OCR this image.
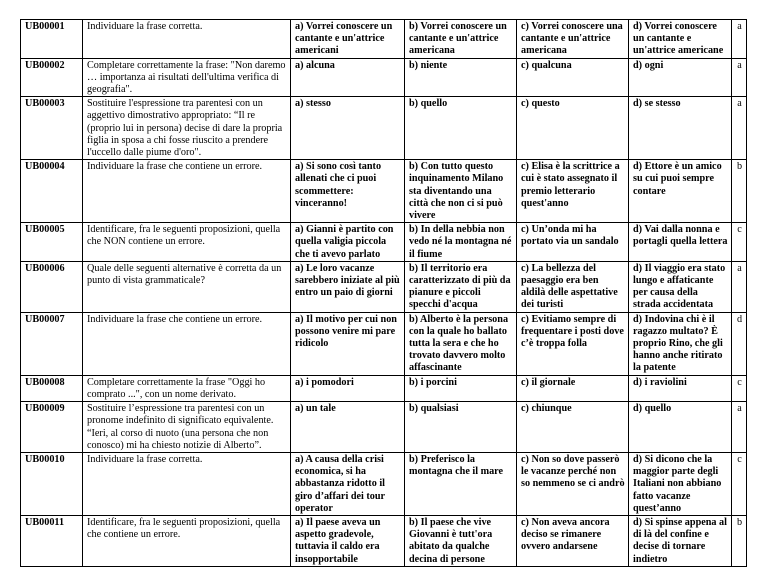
UB00001	Individuare la frase corretta.	a) Vorrei conoscere un cantante e un'attrice americani	b) Vorrei conoscere un cantante e un'attrice americana	c) Vorrei conoscere una cantante e un'attrice americana	d) Vorrei conoscere un cantante e un'attrice americane	a
UB00002	Completare correttamente la frase: "Non daremo … importanza ai risultati dell'ultima verifica di geografia".	a) alcuna	b) niente	c) qualcuna	d) ogni	a
UB00003	Sostituire l'espressione tra parentesi con un aggettivo dimostrativo appropriato: “Il re (proprio lui in persona) decise di dare la propria figlia in sposa a chi fosse riuscito a prendere l'uccello dalle piume d'oro".	a) stesso	b) quello	c) questo	d) se stesso	a
UB00004	Individuare la frase che contiene un errore.	a) Si sono così tanto allenati che ci puoi scommettere: vinceranno!	b) Con tutto questo inquinamento Milano sta diventando una città che non ci si può vivere	c) Elisa è la scrittrice a cui è stato assegnato il premio letterario quest'anno	d) Ettore è un amico su cui puoi sempre contare	b
UB00005	Identificare, fra le seguenti proposizioni, quella che NON contiene un errore.	a) Gianni è partito con quella valigia piccola che ti avevo parlato	b) In della nebbia non vedo né la montagna né il fiume	c) Un’onda mi ha portato via un sandalo	d) Vai dalla nonna e portagli quella lettera	c
UB00006	Quale delle seguenti alternative è corretta da un punto di vista grammaticale?	a) Le loro vacanze sarebbero iniziate al più entro un paio di giorni	b) Il territorio era caratterizzato di più da pianure e piccoli specchi d'acqua	c) La bellezza del paesaggio era ben aldilà delle aspettative dei turisti	d) Il viaggio era stato lungo e affaticante per causa della strada accidentata	a
UB00007	Individuare la frase che contiene un errore.	a) Il motivo per cui non possono venire mi pare ridicolo	b) Alberto è la persona con la quale ho ballato tutta la sera e che ho trovato davvero molto affascinante	c) Evitiamo sempre di frequentare i posti dove c’è troppa folla	d) Indovina chi è il ragazzo multato? È proprio Rino, che gli hanno anche ritirato la patente	d
UB00008	Completare correttamente la frase "Oggi ho comprato ...", con un nome derivato.	a) i pomodori	b) i porcini	c) il giornale	d) i raviolini	c
UB00009	Sostituire l’espressione tra parentesi con un pronome indefinito di significato equivalente. “Ieri, al corso di nuoto (una persona che non conosco) mi ha chiesto notizie di Alberto”.	a) un tale	b) qualsiasi	c) chiunque	d) quello	a
UB00010	Individuare la frase corretta.	a) A causa della crisi economica, si ha abbastanza ridotto il giro d’affari dei tour operator	b) Preferisco la montagna che il mare	c) Non so dove passerò le vacanze perché non so nemmeno se ci andrò	d) Si dicono che la maggior parte degli Italiani non abbiano fatto vacanze quest’anno	c
UB00011	Identificare, fra le seguenti proposizioni, quella che contiene un errore.	a) Il paese aveva un aspetto gradevole, tuttavia il caldo era insopportabile	b) Il paese che vive Giovanni è tutt'ora abitato da qualche decina di persone	c) Non aveva ancora deciso se rimanere ovvero andarsene	d) Si spinse appena al di là del confine e decise di tornare indietro	b
